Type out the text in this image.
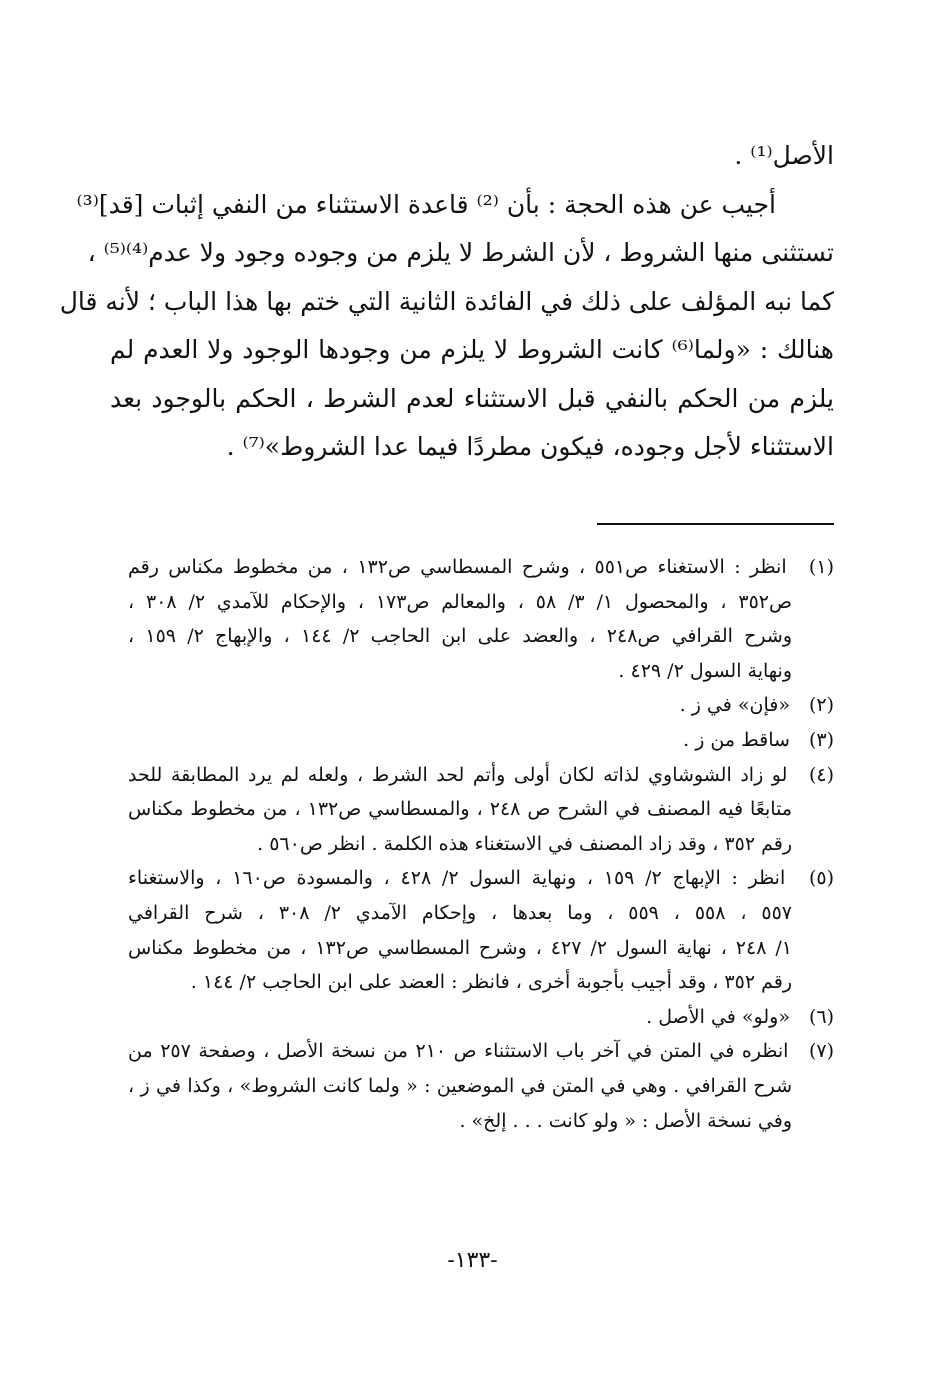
الأصل⁽¹⁾ .
أجيب عن هذه الحجة : بأن ⁽²⁾ قاعدة الاستثناء من النفي إثبات [قد]⁽³⁾
تستثنى منها الشروط ، لأن الشرط لا يلزم من وجوده وجود ولا عدم⁽⁴⁾⁽⁵⁾ ،
كما نبه المؤلف على ذلك في الفائدة الثانية التي ختم بها هذا الباب ؛ لأنه قال
هنالك : «ولما⁽⁶⁾ كانت الشروط لا يلزم من وجودها الوجود ولا العدم لم
يلزم من الحكم بالنفي قبل الاستثناء لعدم الشرط ، الحكم بالوجود بعد
الاستثناء لأجل وجوده، فيكون مطردًا فيما عدا الشروط»⁽⁷⁾ .
(١) انظر : الاستغناء ص٥٥١ ، وشرح المسطاسي ص١٣٢ ، من مخطوط مكناس رقم
ص٣٥٢ ، والمحصول ١/ ٣/ ٥٨ ، والمعالم ص١٧٣ ، والإحكام للآمدي ٢/ ٣٠٨ ،
وشرح القرافي ص٢٤٨ ، والعضد على ابن الحاجب ٢/ ١٤٤ ، والإبهاج ٢/ ١٥٩ ،
ونهاية السول ٢/ ٤٢٩ .
(٢) «فإن» في ز .
(٣) ساقط من ز .
(٤) لو زاد الشوشاوي لذاته لكان أولى وأتم لحد الشرط ، ولعله لم يرد المطابقة للحد
متابعًا فيه المصنف في الشرح ص ٢٤٨ ، والمسطاسي ص١٣٢ ، من مخطوط مكناس
رقم ٣٥٢ ، وقد زاد المصنف في الاستغناء هذه الكلمة . انظر ص٥٦٠ .
(٥) انظر : الإبهاج ٢/ ١٥٩ ، ونهاية السول ٢/ ٤٢٨ ، والمسودة ص١٦٠ ، والاستغناء
٥٥٧ ، ٥٥٨ ، ٥٥٩ ، وما بعدها ، وإحكام الآمدي ٢/ ٣٠٨ ، شرح القرافي
١/ ٢٤٨ ، نهاية السول ٢/ ٤٢٧ ، وشرح المسطاسي ص١٣٢ ، من مخطوط مكناس
رقم ٣٥٢ ، وقد أجيب بأجوبة أخرى ، فانظر : العضد على ابن الحاجب ٢/ ١٤٤ .
(٦) «ولو» في الأصل .
(٧) انظره في المتن في آخر باب الاستثناء ص ٢١٠ من نسخة الأصل ، وصفحة ٢٥٧ من
شرح القرافي . وهي في المتن في الموضعين : « ولما كانت الشروط» ، وكذا في ز ،
وفي نسخة الأصل : « ولو كانت . . . إلخ» .
-١٣٣-
